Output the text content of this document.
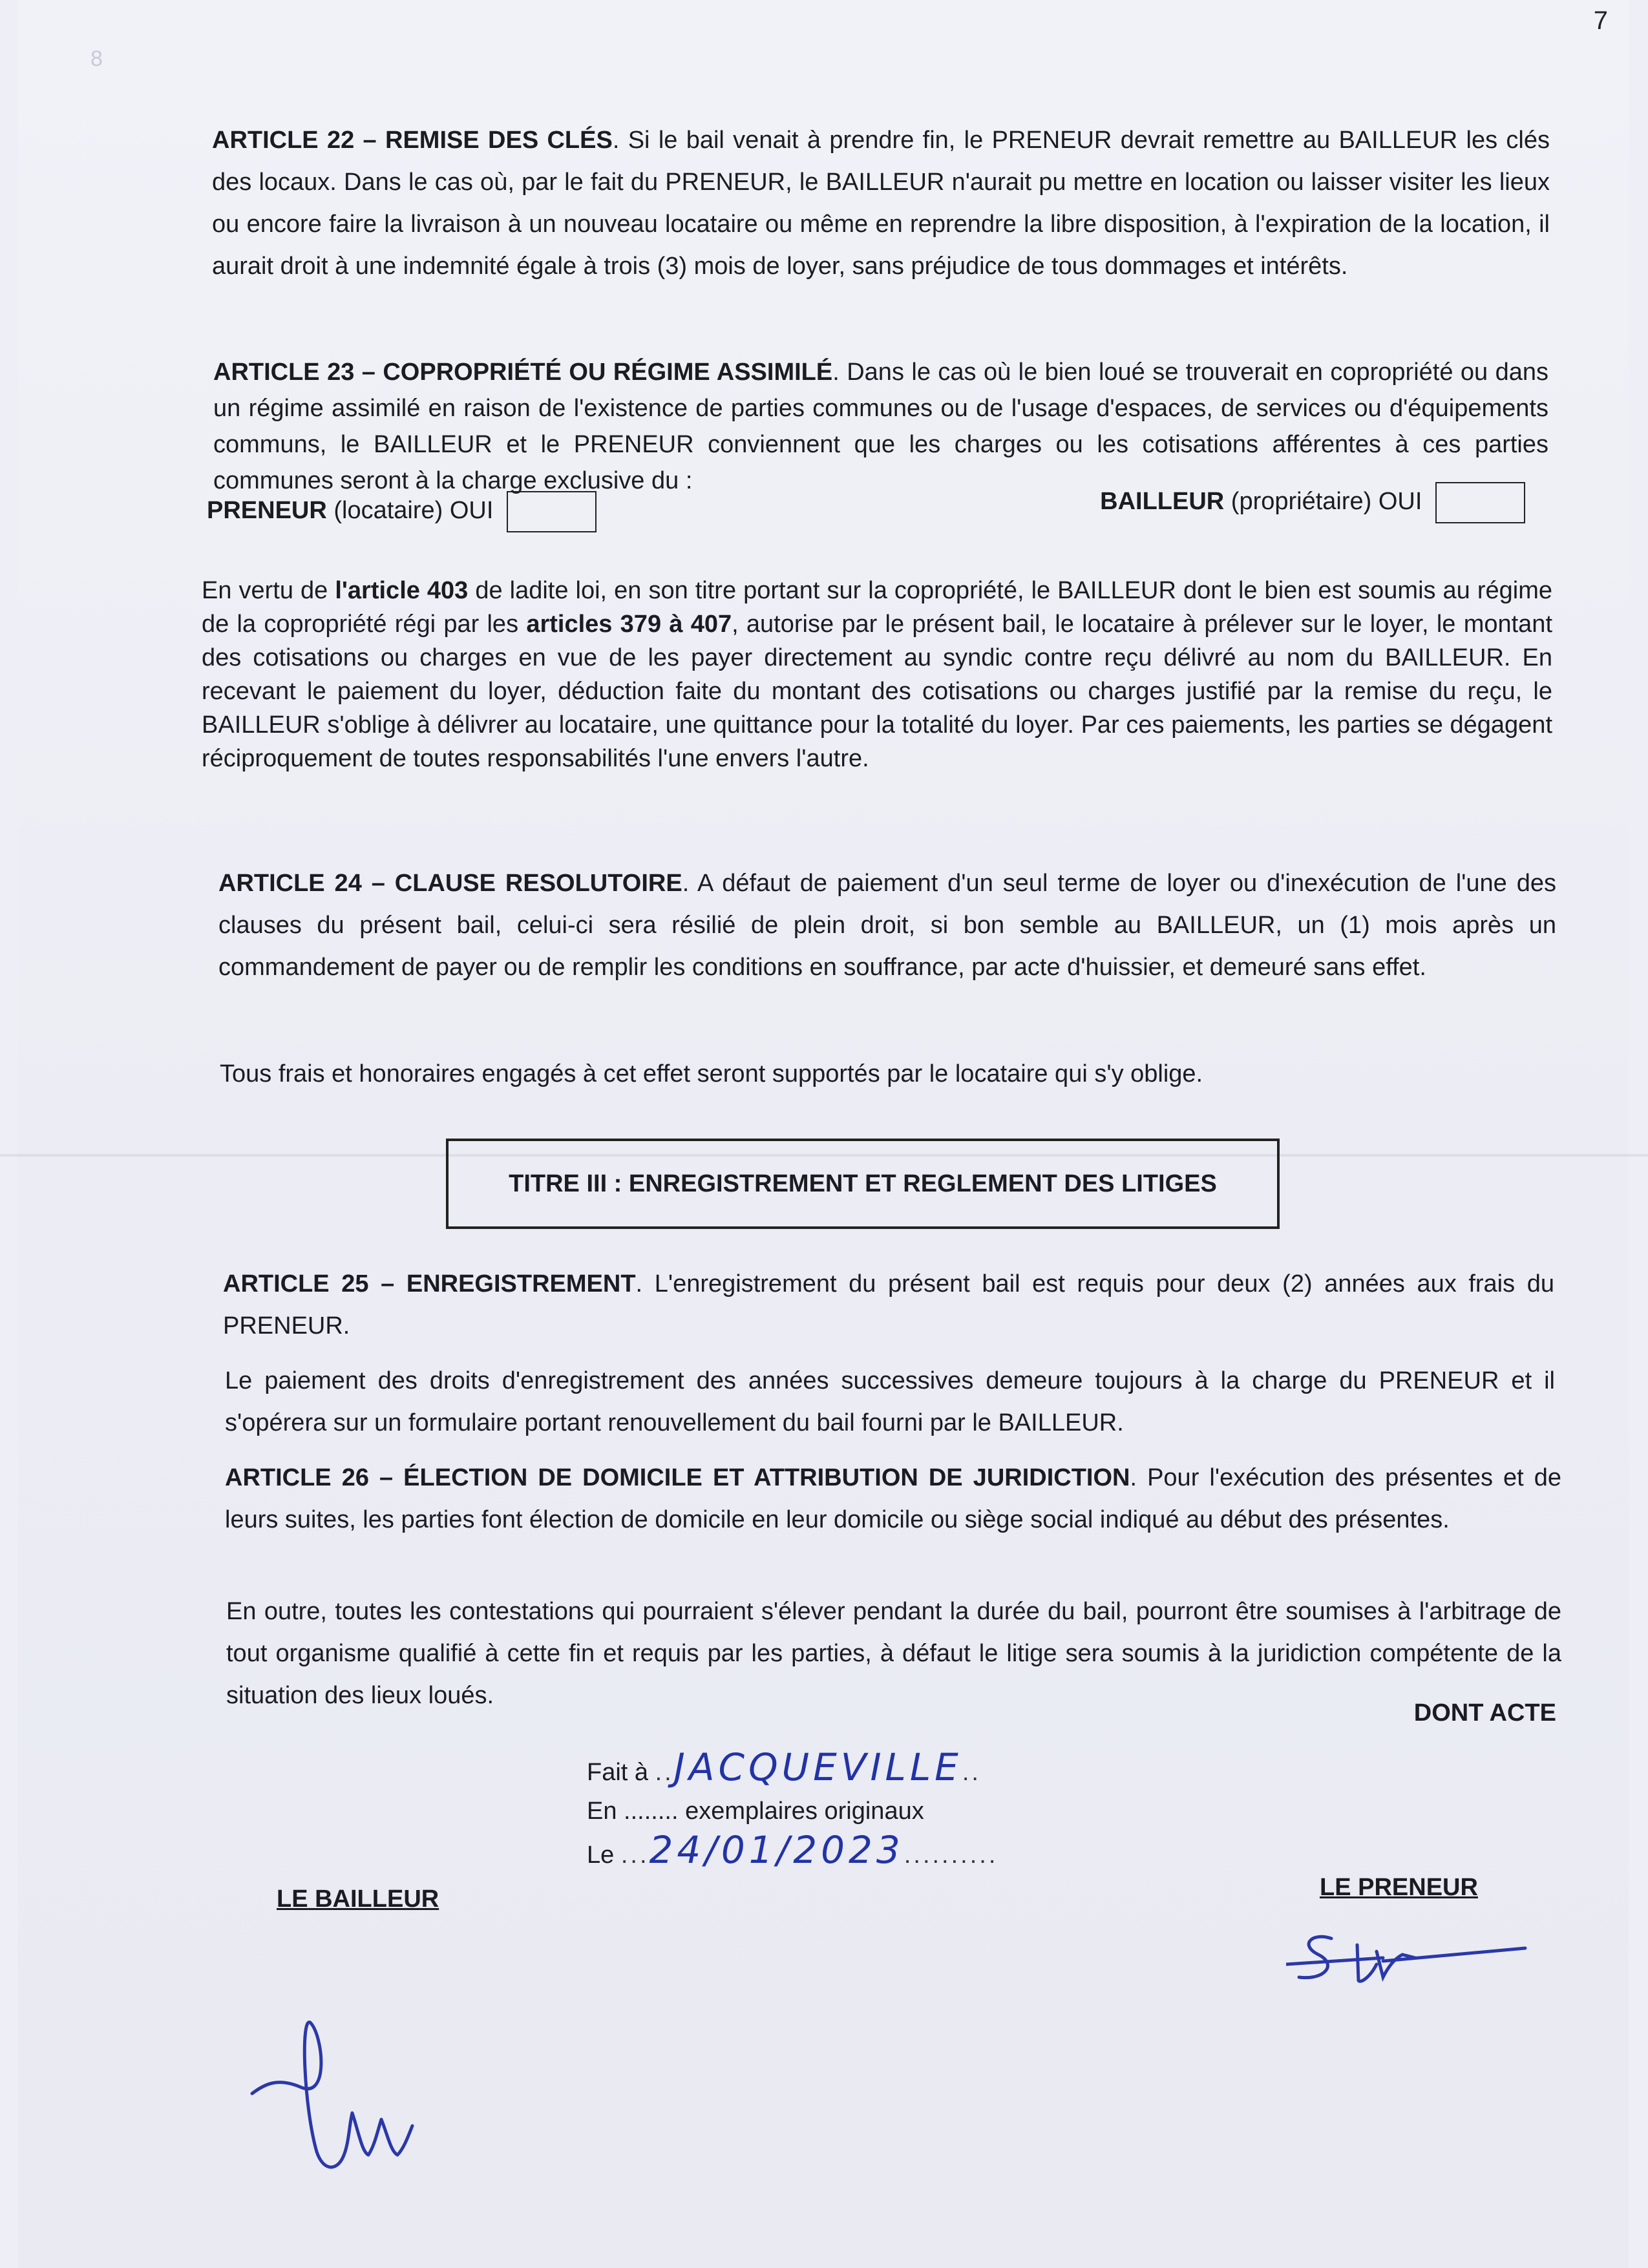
8
7

ARTICLE 22 – REMISE DES CLÉS. Si le bail venait à prendre fin, le PRENEUR devrait remettre au BAILLEUR les clés des locaux. Dans le cas où, par le fait du PRENEUR, le BAILLEUR n'aurait pu mettre en location ou laisser visiter les lieux ou encore faire la livraison à un nouveau locataire ou même en reprendre la libre disposition, à l'expiration de la location, il aurait droit à une indemnité égale à trois (3) mois de loyer, sans préjudice de tous dommages et intérêts.

ARTICLE 23 – COPROPRIÉTÉ OU RÉGIME ASSIMILÉ. Dans le cas où le bien loué se trouverait en copropriété ou dans un régime assimilé en raison de l'existence de parties communes ou de l'usage d'espaces, de services ou d'équipements communs, le BAILLEUR et le PRENEUR conviennent que les charges ou les cotisations afférentes à ces parties communes seront à la charge exclusive du :

PRENEUR (locataire) OUI	BAILLEUR (propriétaire) OUI

En vertu de l'article 403 de ladite loi, en son titre portant sur la copropriété, le BAILLEUR dont le bien est soumis au régime de la copropriété régi par les articles 379 à 407, autorise par le présent bail, le locataire à prélever sur le loyer, le montant des cotisations ou charges en vue de les payer directement au syndic contre reçu délivré au nom du BAILLEUR. En recevant le paiement du loyer, déduction faite du montant des cotisations ou charges justifié par la remise du reçu, le BAILLEUR s'oblige à délivrer au locataire, une quittance pour la totalité du loyer. Par ces paiements, les parties se dégagent réciproquement de toutes responsabilités l'une envers l'autre.

ARTICLE 24 – CLAUSE RESOLUTOIRE. A défaut de paiement d'un seul terme de loyer ou d'inexécution de l'une des clauses du présent bail, celui-ci sera résilié de plein droit, si bon semble au BAILLEUR, un (1) mois après un commandement de payer ou de remplir les conditions en souffrance, par acte d'huissier, et demeuré sans effet.

Tous frais et honoraires engagés à cet effet seront supportés par le locataire qui s'y oblige.

TITRE III : ENREGISTREMENT ET REGLEMENT DES LITIGES

ARTICLE 25 – ENREGISTREMENT. L'enregistrement du présent bail est requis pour deux (2) années aux frais du PRENEUR.

Le paiement des droits d'enregistrement des années successives demeure toujours à la charge du PRENEUR et il s'opérera sur un formulaire portant renouvellement du bail fourni par le BAILLEUR.

ARTICLE 26 – ÉLECTION DE DOMICILE ET ATTRIBUTION DE JURIDICTION. Pour l'exécution des présentes et de leurs suites, les parties font élection de domicile en leur domicile ou siège social indiqué au début des présentes.

En outre, toutes les contestations qui pourraient s'élever pendant la durée du bail, pourront être soumises à l'arbitrage de tout organisme qualifié à cette fin et requis par les parties, à défaut le litige sera soumis à la juridiction compétente de la situation des lieux loués.

DONT ACTE
Fait à ..JACQUEVILLE..
En ........ exemplaires originaux
Le ...24/01/2023..........
LE BAILLEUR	LE PRENEUR
